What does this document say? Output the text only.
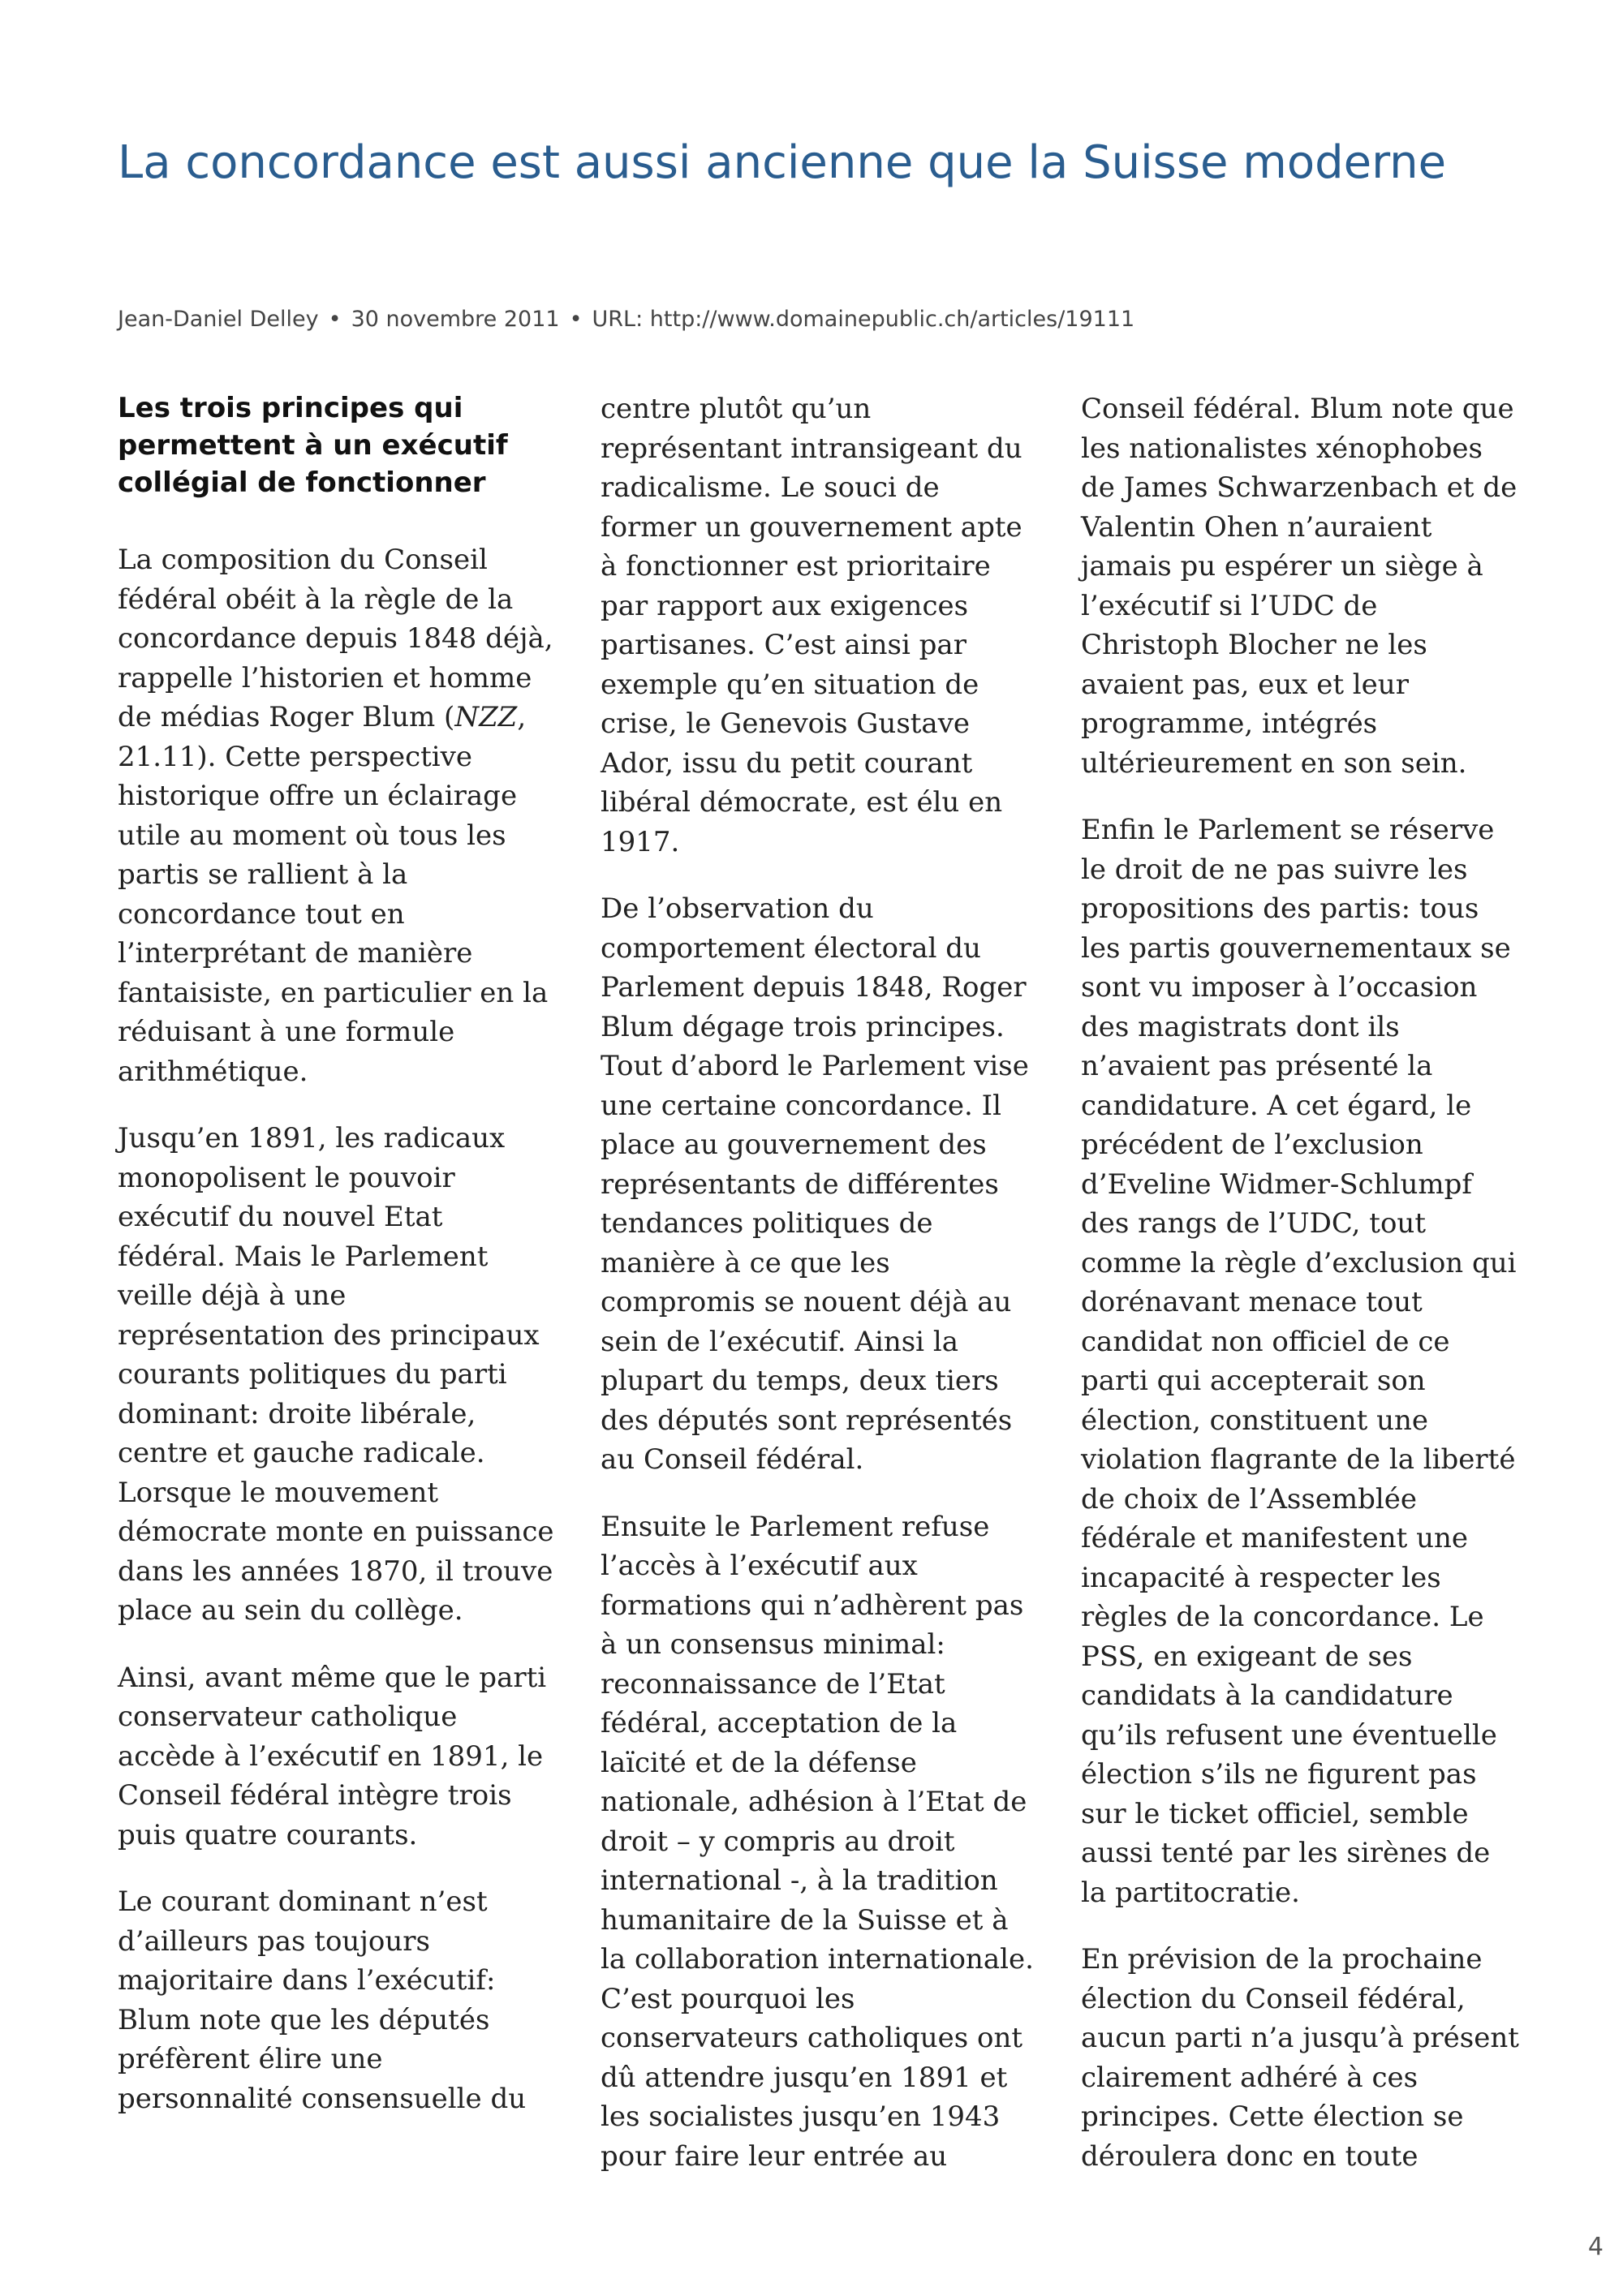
La concordance est aussi ancienne que la Suisse moderne
Jean-Daniel Delley • 30 novembre 2011 • URL: http://www.domainepublic.ch/articles/19111
Les trois principes qui permettent à un exécutif collégial de fonctionner

La composition du Conseil fédéral obéit à la règle de la concordance depuis 1848 déjà, rappelle l’historien et homme de médias Roger Blum (NZZ, 21.11). Cette perspective historique offre un éclairage utile au moment où tous les partis se rallient à la concordance tout en l’interprétant de manière fantaisiste, en particulier en la réduisant à une formule arithmétique.

Jusqu’en 1891, les radicaux monopolisent le pouvoir exécutif du nouvel Etat fédéral. Mais le Parlement veille déjà à une représentation des principaux courants politiques du parti dominant: droite libérale, centre et gauche radicale. Lorsque le mouvement démocrate monte en puissance dans les années 1870, il trouve place au sein du collège.

Ainsi, avant même que le parti conservateur catholique accède à l’exécutif en 1891, le Conseil fédéral intègre trois puis quatre courants.

Le courant dominant n’est d’ailleurs pas toujours majoritaire dans l’exécutif: Blum note que les députés préfèrent élire une personnalité consensuelle du

centre plutôt qu’un représentant intransigeant du radicalisme. Le souci de former un gouvernement apte à fonctionner est prioritaire par rapport aux exigences partisanes. C’est ainsi par exemple qu’en situation de crise, le Genevois Gustave Ador, issu du petit courant libéral démocrate, est élu en 1917.

De l’observation du comportement électoral du Parlement depuis 1848, Roger Blum dégage trois principes. Tout d’abord le Parlement vise une certaine concordance. Il place au gouvernement des représentants de différentes tendances politiques de manière à ce que les compromis se nouent déjà au sein de l’exécutif. Ainsi la plupart du temps, deux tiers des députés sont représentés au Conseil fédéral.

Ensuite le Parlement refuse l’accès à l’exécutif aux formations qui n’adhèrent pas à un consensus minimal: reconnaissance de l’Etat fédéral, acceptation de la laïcité et de la défense nationale, adhésion à l’Etat de droit – y compris au droit international -, à la tradition humanitaire de la Suisse et à la collaboration internationale. C’est pourquoi les conservateurs catholiques ont dû attendre jusqu’en 1891 et les socialistes jusqu’en 1943 pour faire leur entrée au

Conseil fédéral. Blum note que les nationalistes xénophobes de James Schwarzenbach et de Valentin Ohen n’auraient jamais pu espérer un siège à l’exécutif si l’UDC de Christoph Blocher ne les avaient pas, eux et leur programme, intégrés ultérieurement en son sein.

Enfin le Parlement se réserve le droit de ne pas suivre les propositions des partis: tous les partis gouvernementaux se sont vu imposer à l’occasion des magistrats dont ils n’avaient pas présenté la candidature. A cet égard, le précédent de l’exclusion d’Eveline Widmer-Schlumpf des rangs de l’UDC, tout comme la règle d’exclusion qui dorénavant menace tout candidat non officiel de ce parti qui accepterait son élection, constituent une violation flagrante de la liberté de choix de l’Assemblée fédérale et manifestent une incapacité à respecter les règles de la concordance. Le PSS, en exigeant de ses candidats à la candidature qu’ils refusent une éventuelle élection s’ils ne figurent pas sur le ticket officiel, semble aussi tenté par les sirènes de la partitocratie.

En prévision de la prochaine élection du Conseil fédéral, aucun parti n’a jusqu’à présent clairement adhéré à ces principes. Cette élection se déroulera donc en toute

4
